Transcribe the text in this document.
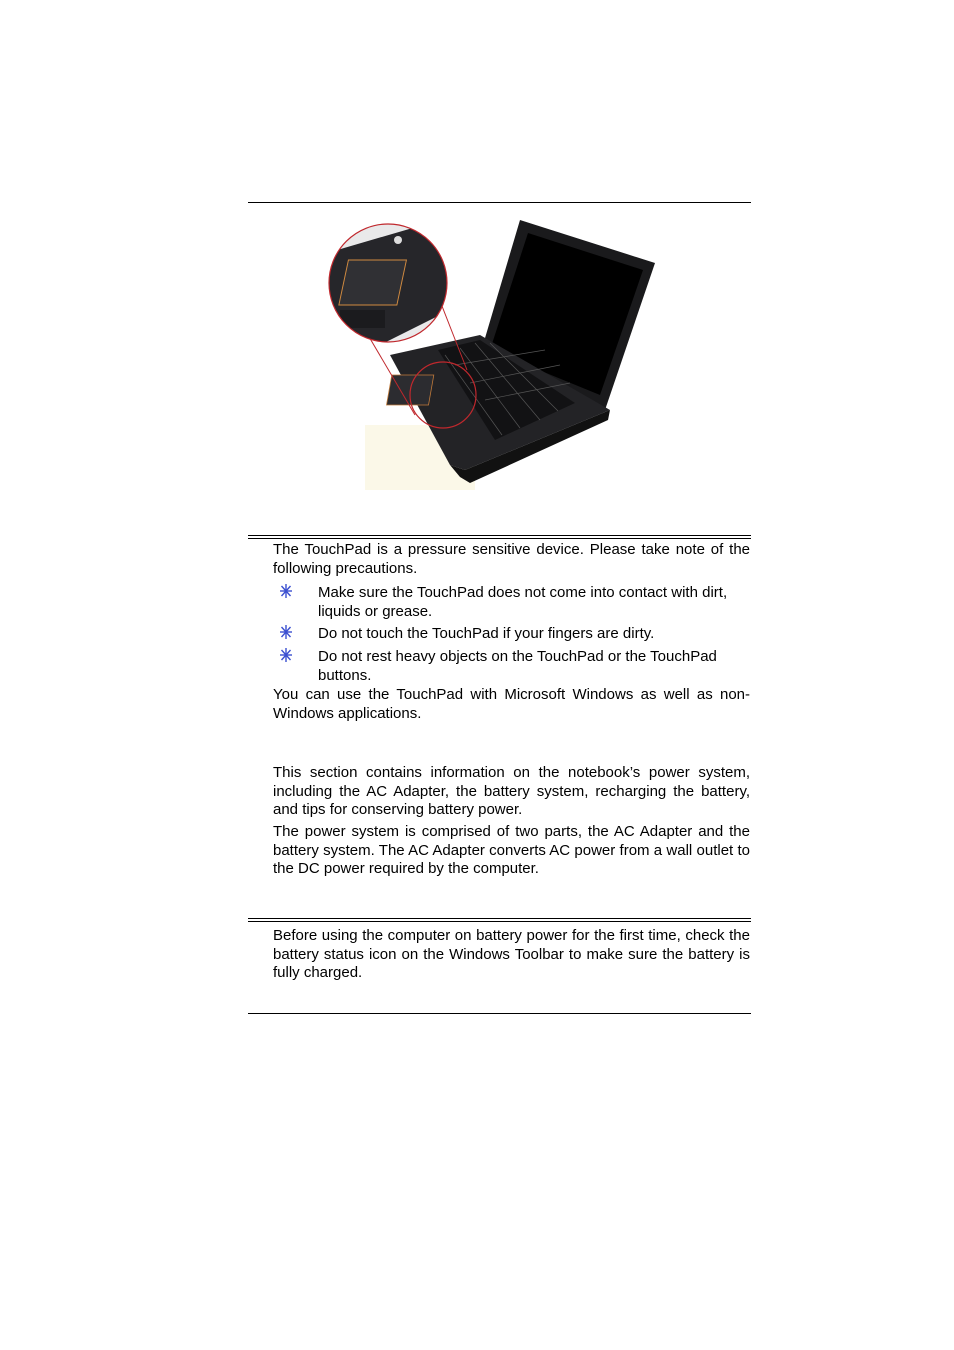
The TouchPad is a pressure sensitive device. Please take note of the following precautions.
Make sure the TouchPad does not come into contact with dirt, liquids or grease.
Do not touch the TouchPad if your fingers are dirty.
Do not rest heavy objects on the TouchPad or the TouchPad buttons.
You can use the TouchPad with Microsoft Windows as well as non-Windows applications.
This section contains information on the notebook’s power system, including the AC Adapter, the battery system, recharging the battery, and tips for conserving battery power.
The power system is comprised of two parts, the AC Adapter and the battery system. The AC Adapter converts AC power from a wall outlet to the DC power required by the computer.
Before using the computer on battery power for the first time, check the battery status icon on the Windows Toolbar to make sure the battery is fully charged.
